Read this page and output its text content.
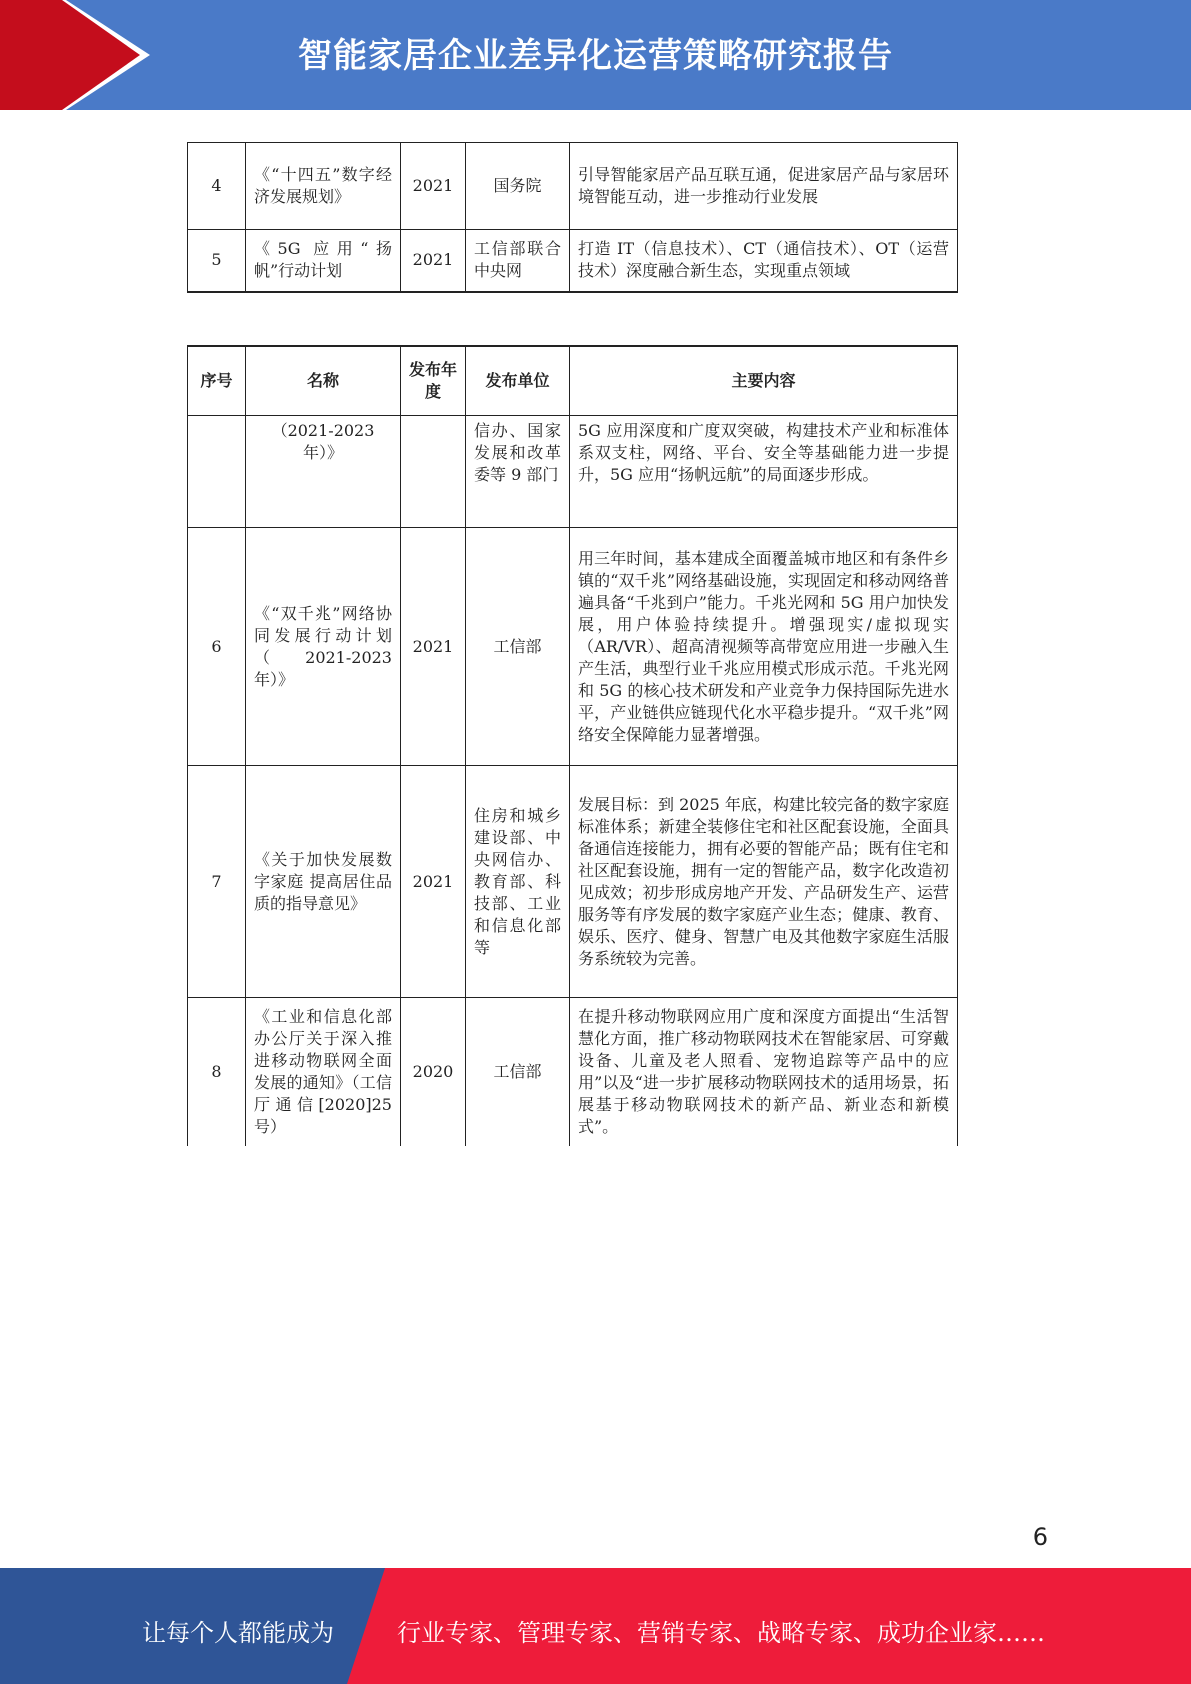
智能家居企业差异化运营策略研究报告
4	《“十四五”数字经济发展规划》	2021	国务院	引导智能家居产品互联互通，促进家居产品与家居环境智能互动，进一步推动行业发展
5	《5G 应用“扬帆”行动计划	2021	工信部联合中央网	打造 IT（信息技术）、CT（通信技术）、OT（运营技术）深度融合新生态，实现重点领域
序号	名称	发布年度	发布单位	主要内容
	（2021-2023 年）》		信办、国家发展和改革委等 9 部门	5G 应用深度和广度双突破，构建技术产业和标准体系双支柱，网络、平台、安全等基础能力进一步提升，5G 应用“扬帆远航”的局面逐步形成。
6	《“双千兆”网络协同发展行动计划（2021-2023 年）》	2021	工信部	用三年时间，基本建成全面覆盖城市地区和有条件乡镇的“双千兆”网络基础设施，实现固定和移动网络普遍具备“千兆到户”能力。千兆光网和 5G 用户加快发展，用户体验持续提升。增强现实/虚拟现实（AR/VR）、超高清视频等高带宽应用进一步融入生产生活，典型行业千兆应用模式形成示范。千兆光网和 5G 的核心技术研发和产业竞争力保持国际先进水平，产业链供应链现代化水平稳步提升。“双千兆”网络安全保障能力显著增强。
7	《关于加快发展数字家庭 提高居住品质的指导意见》	2021	住房和城乡建设部、中央网信办、教育部、科技部、工业和信息化部等	发展目标：到 2025 年底，构建比较完备的数字家庭标准体系；新建全装修住宅和社区配套设施，全面具备通信连接能力，拥有必要的智能产品；既有住宅和社区配套设施，拥有一定的智能产品，数字化改造初见成效；初步形成房地产开发、产品研发生产、运营服务等有序发展的数字家庭产业生态；健康、教育、娱乐、医疗、健身、智慧广电及其他数字家庭生活服务系统较为完善。
8	《工业和信息化部办公厅关于深入推进移动物联网全面发展的通知》（工信厅通信[2020]25 号）	2020	工信部	在提升移动物联网应用广度和深度方面提出“生活智慧化方面，推广移动物联网技术在智能家居、可穿戴设备、儿童及老人照看、宠物追踪等产品中的应用”以及“进一步扩展移动物联网技术的适用场景，拓展基于移动物联网技术的新产品、新业态和新模式”。
6
让每个人都能成为	行业专家、管理专家、营销专家、战略专家、成功企业家……
